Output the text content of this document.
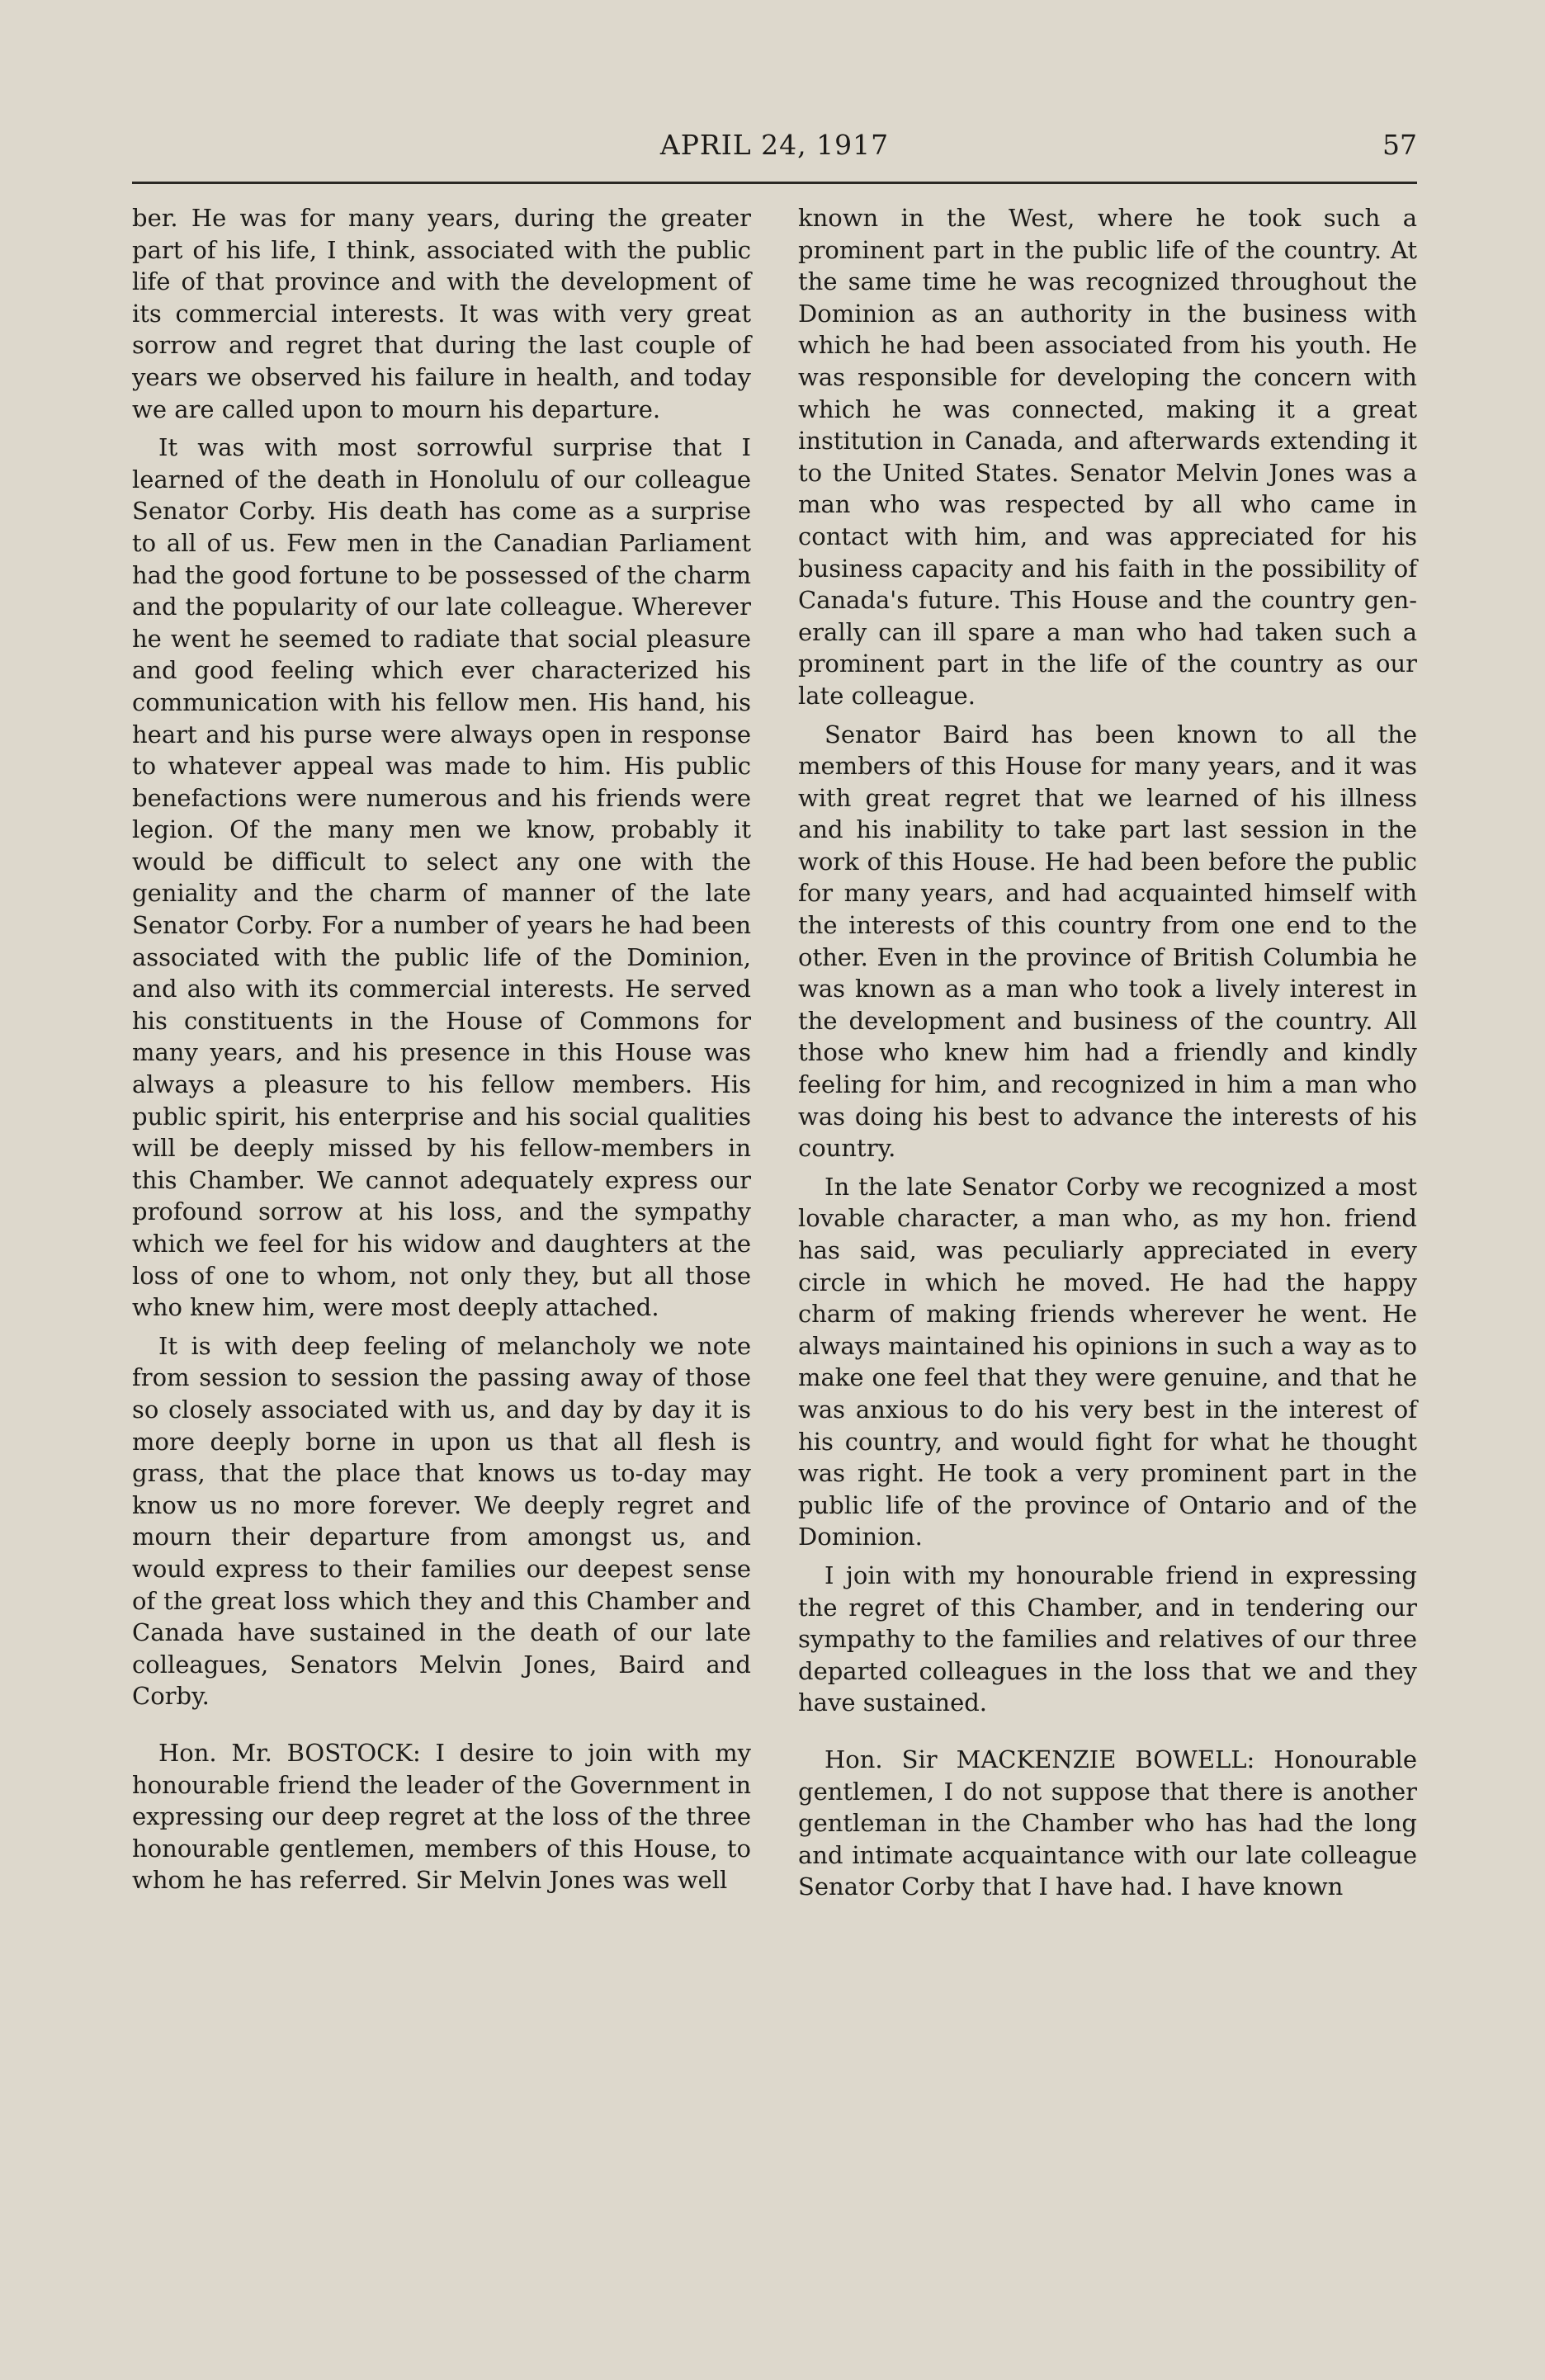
APRIL 24, 1917	57

ber. He was for many years, during the greater part of his life, I think, associated with the public life of that province and with the development of its commercial interests. It was with very great sorrow and regret that during the last couple of years we observed his failure in health, and today we are called upon to mourn his departure.

It was with most sorrowful surprise that I learned of the death in Honolulu of our colleague Senator Corby. His death has come as a surprise to all of us. Few men in the Canadian Parliament had the good fortune to be possessed of the charm and the popularity of our late colleague. Wherever he went he seemed to radiate that social pleasure and good feeling which ever characterized his communication with his fellow men. His hand, his heart and his purse were always open in response to whatever appeal was made to him. His public benefactions were numerous and his friends were legion. Of the many men we know, probably it would be difficult to select any one with the geniality and the charm of manner of the late Senator Corby. For a number of years he had been associated with the public life of the Dominion, and also with its commercial interests. He served his constituents in the House of Commons for many years, and his presence in this House was always a pleasure to his fellow members. His public spirit, his enterprise and his social qualities will be deeply missed by his fellow-members in this Chamber. We cannot adequately express our profound sorrow at his loss, and the sympathy which we feel for his widow and daughters at the loss of one to whom, not only they, but all those who knew him, were most deeply attached.

It is with deep feeling of melancholy we note from session to session the passing away of those so closely associated with us, and day by day it is more deeply borne in upon us that all flesh is grass, that the place that knows us to-day may know us no more forever. We deeply regret and mourn their departure from amongst us, and would express to their families our deepest sense of the great loss which they and this Chamber and Canada have sustained in the death of our late colleagues, Senators Melvin Jones, Baird and Corby.

Hon. Mr. BOSTOCK: I desire to join with my honourable friend the leader of the Government in expressing our deep regret at the loss of the three honourable gentlemen, members of this House, to whom he has referred. Sir Melvin Jones was well

known in the West, where he took such a prominent part in the public life of the country. At the same time he was recognized throughout the Dominion as an authority in the business with which he had been associated from his youth. He was responsible for developing the concern with which he was connected, making it a great institution in Canada, and afterwards extending it to the United States. Senator Melvin Jones was a man who was respected by all who came in contact with him, and was appreciated for his business capacity and his faith in the possibility of Canada's future. This House and the country generally can ill spare a man who had taken such a prominent part in the life of the country as our late colleague.

Senator Baird has been known to all the members of this House for many years, and it was with great regret that we learned of his illness and his inability to take part last session in the work of this House. He had been before the public for many years, and had acquainted himself with the interests of this country from one end to the other. Even in the province of British Columbia he was known as a man who took a lively interest in the development and business of the country. All those who knew him had a friendly and kindly feeling for him, and recognized in him a man who was doing his best to advance the interests of his country.

In the late Senator Corby we recognized a most lovable character, a man who, as my hon. friend has said, was peculiarly appreciated in every circle in which he moved. He had the happy charm of making friends wherever he went. He always maintained his opinions in such a way as to make one feel that they were genuine, and that he was anxious to do his very best in the interest of his country, and would fight for what he thought was right. He took a very prominent part in the public life of the province of Ontario and of the Dominion.

I join with my honourable friend in expressing the regret of this Chamber, and in tendering our sympathy to the families and relatives of our three departed colleagues in the loss that we and they have sustained.

Hon. Sir MACKENZIE BOWELL: Honourable gentlemen, I do not suppose that there is another gentleman in the Chamber who has had the long and intimate acquaintance with our late colleague Senator Corby that I have had. I have known
